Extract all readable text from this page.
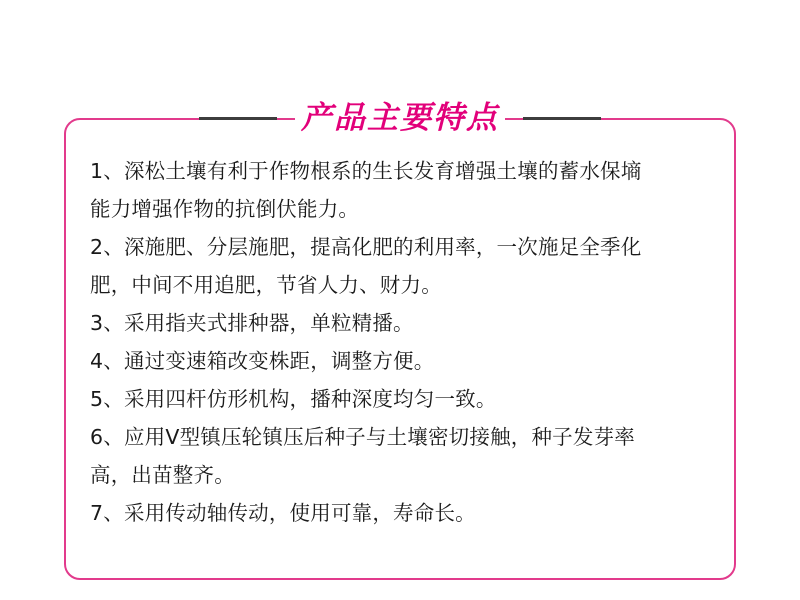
产品主要特点
1、深松土壤有利于作物根系的生长发育增强土壤的蓄水保墒
能力增强作物的抗倒伏能力。
2、深施肥、分层施肥，提高化肥的利用率，一次施足全季化
肥，中间不用追肥，节省人力、财力。
3、采用指夹式排种器，单粒精播。
4、通过变速箱改变株距，调整方便。
5、采用四杆仿形机构，播种深度均匀一致。
6、应用V型镇压轮镇压后种子与土壤密切接触，种子发芽率
高，出苗整齐。
7、采用传动轴传动，使用可靠，寿命长。
